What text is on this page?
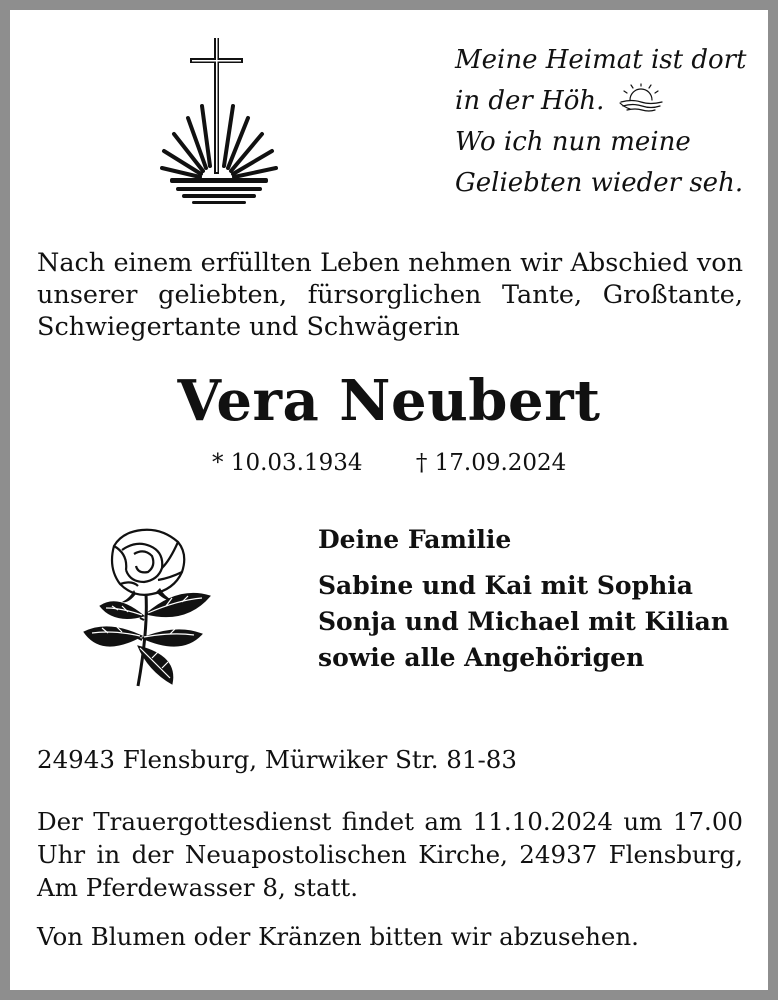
Meine Heimat ist dort
in der Höh.
Wo ich nun meine
Geliebten wieder seh.
Nach einem erfüllten Leben nehmen wir Abschied von unserer geliebten, fürsorglichen Tante, Großtante, Schwiegertante und Schwägerin
Vera Neubert
* 10.03.1934 † 17.09.2024
Deine Familie
Sabine und Kai mit Sophia
Sonja und Michael mit Kilian
sowie alle Angehörigen
24943 Flensburg, Mürwiker Str. 81-83
Der Trauergottesdienst findet am 11.10.2024 um 17.00 Uhr in der Neuapostolischen Kirche, 24937 Flensburg, Am Pferdewasser 8, statt.
Von Blumen oder Kränzen bitten wir abzusehen.
